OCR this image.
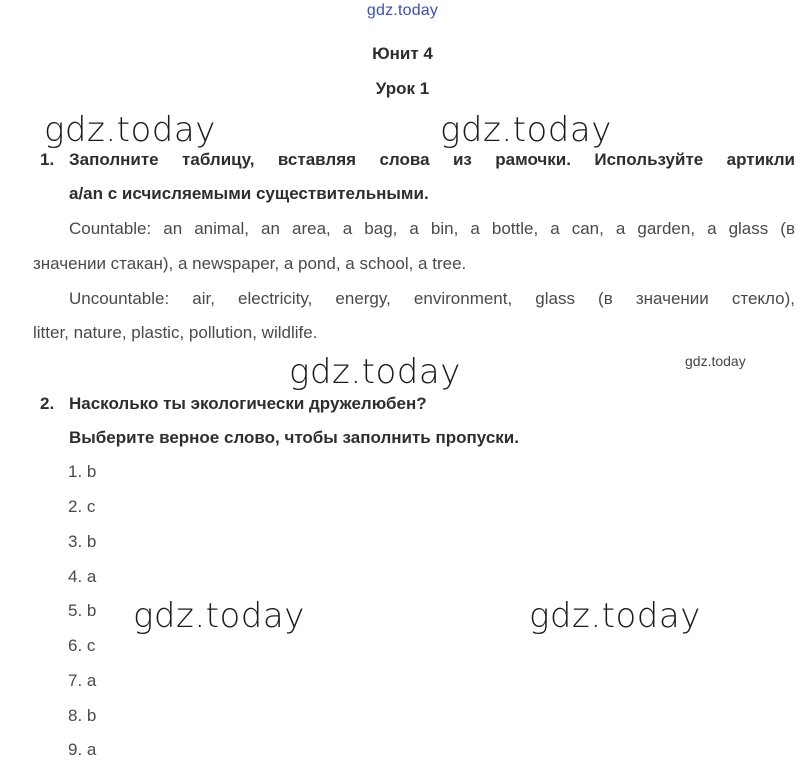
gdz.today
Юнит 4
Урок 1
gdz.today	gdz.today
1. Заполните таблицу, вставляя слова из рамочки. Используйте артикли
a/an с исчисляемыми существительными.
Countable: an animal, an area, a bag, a bin, a bottle, a can, a garden, a glass (в
значении стакан), a newspaper, a pond, a school, a tree.
Uncountable: air, electricity, energy, environment, glass (в значении стекло),
litter, nature, plastic, pollution, wildlife.
gdz.today
gdz.today
2. Насколько ты экологически дружелюбен?
Выберите верное слово, чтобы заполнить пропуски.
1. b
2. c
3. b
4. a
5. b
6. c
7. a
8. b
9. a
gdz.today	gdz.today
